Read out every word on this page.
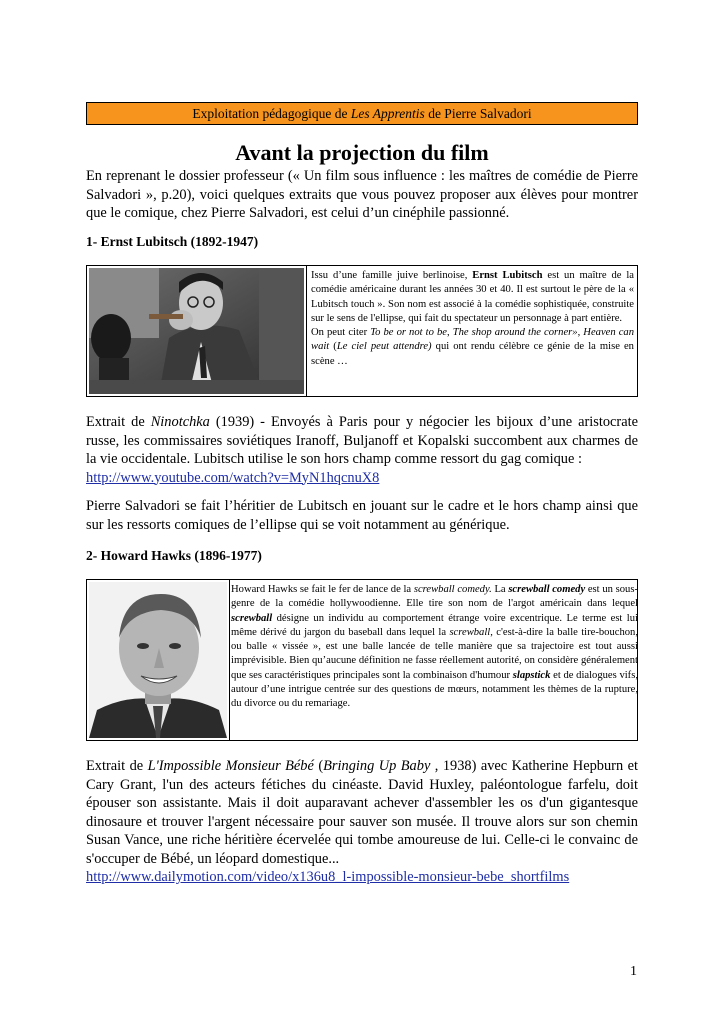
Exploitation pédagogique de Les Apprentis de Pierre Salvadori
Avant la projection du film
En reprenant le dossier professeur (« Un film sous influence : les maîtres de comédie de Pierre Salvadori », p.20), voici quelques extraits que vous pouvez proposer aux élèves pour montrer que le comique, chez Pierre Salvadori, est celui d’un cinéphile passionné.
1- Ernst Lubitsch (1892-1947)
Issu d’une famille juive berlinoise, Ernst Lubitsch est un maître de la comédie américaine durant les années 30 et 40. Il est surtout le père de la « Lubitsch touch ». Son nom est associé à la comédie sophistiquée, construite sur le sens de l'ellipse, qui fait du spectateur un personnage à part entière.
On peut citer To be or not to be, The shop around the corner», Heaven can wait (Le ciel peut attendre) qui ont rendu célèbre ce génie de la mise en scène …
Extrait de Ninotchka (1939) - Envoyés à Paris pour y négocier les bijoux d’une aristocrate russe, les commissaires soviétiques Iranoff, Buljanoff et Kopalski succombent aux charmes de la vie occidentale. Lubitsch utilise le son hors champ comme ressort du gag comique :
http://www.youtube.com/watch?v=MyN1hqcnuX8
Pierre Salvadori se fait l’héritier de Lubitsch en jouant sur le cadre et le hors champ ainsi que sur les ressorts comiques de l’ellipse qui se voit notamment au générique.
2- Howard Hawks (1896-1977)
Howard Hawks se fait le fer de lance de la screwball comedy. La screwball comedy est un sous-genre de la comédie hollywoodienne. Elle tire son nom de l'argot américain dans lequel screwball désigne un individu au comportement étrange voire excentrique. Le terme est lui même dérivé du jargon du baseball dans lequel la screwball, c'est-à-dire la balle tire-bouchon, ou balle « vissée », est une balle lancée de telle manière que sa trajectoire est tout aussi imprévisible. Bien qu’aucune définition ne fasse réellement autorité, on considère généralement que ses caractéristiques principales sont la combinaison d'humour slapstick et de dialogues vifs, autour d’une intrigue centrée sur des questions de mœurs, notamment les thèmes de la rupture, du divorce ou du remariage.
Extrait de L'Impossible Monsieur Bébé (Bringing Up Baby , 1938) avec Katherine Hepburn et Cary Grant, l'un des acteurs fétiches du cinéaste. David Huxley, paléontologue farfelu, doit épouser son assistante. Mais il doit auparavant achever d'assembler les os d'un gigantesque dinosaure et trouver l'argent nécessaire pour sauver son musée. Il trouve alors sur son chemin Susan Vance, une riche héritière écervelée qui tombe amoureuse de lui. Celle-ci le convainc de s'occuper de Bébé, un léopard domestique...
http://www.dailymotion.com/video/x136u8_l-impossible-monsieur-bebe_shortfilms
1
